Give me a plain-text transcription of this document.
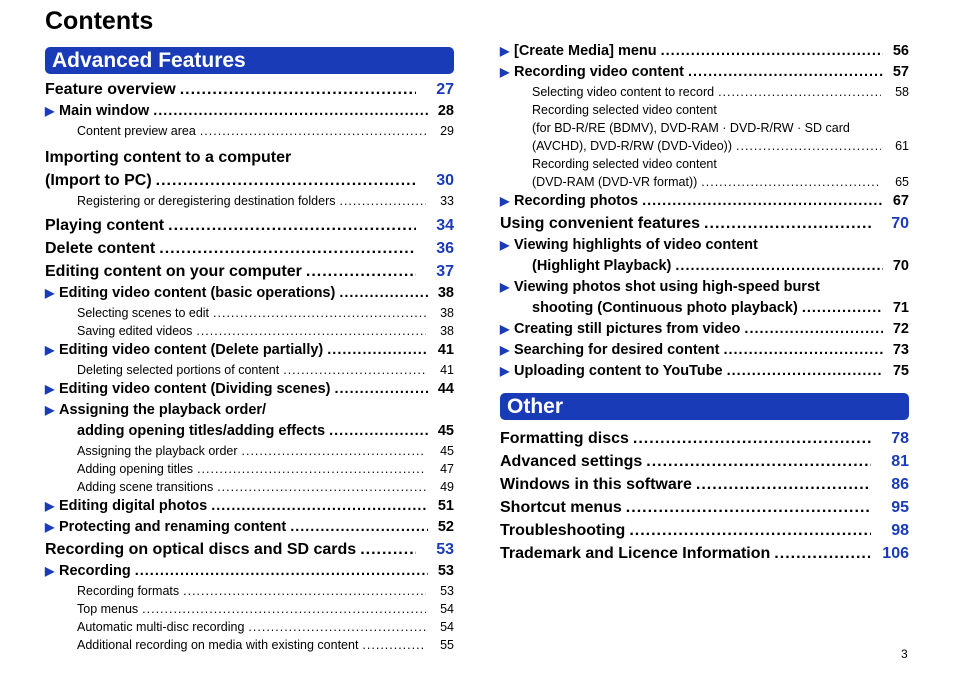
Contents
Advanced Features
Feature overview .....	27
▶ Main window .....	28
Content preview area .....	29
Importing content to a computer
(Import to PC) .....	30
Registering or deregistering destination folders .....	33
Playing content .....	34
Delete content .....	36
Editing content on your computer .....	37
▶ Editing video content (basic operations) .....	38
Selecting scenes to edit .....	38
Saving edited videos .....	38
▶ Editing video content (Delete partially) .....	41
Deleting selected portions of content .....	41
▶ Editing video content (Dividing scenes) .....	44
▶ Assigning the playback order/
adding opening titles/adding effects .....	45
Assigning the playback order .....	45
Adding opening titles .....	47
Adding scene transitions .....	49
▶ Editing digital photos .....	51
▶ Protecting and renaming content .....	52
Recording on optical discs and SD cards .....	53
▶ Recording .....	53
Recording formats .....	53
Top menus .....	54
Automatic multi-disc recording .....	54
Additional recording on media with existing content .....	55
▶ [Create Media] menu .....	56
▶ Recording video content .....	57
Selecting video content to record .....	58
Recording selected video content
(for BD-R/RE (BDMV), DVD-RAM · DVD-R/RW · SD card
(AVCHD), DVD-R/RW (DVD-Video)) .....	61
Recording selected video content
(DVD-RAM (DVD-VR format)) .....	65
▶ Recording photos .....	67
Using convenient features .....	70
▶ Viewing highlights of video content
(Highlight Playback) .....	70
▶ Viewing photos shot using high-speed burst
shooting (Continuous photo playback) .....	71
▶ Creating still pictures from video .....	72
▶ Searching for desired content .....	73
▶ Uploading content to YouTube .....	75
Other
Formatting discs .....	78
Advanced settings .....	81
Windows in this software .....	86
Shortcut menus .....	95
Troubleshooting .....	98
Trademark and Licence Information .....	106
3
